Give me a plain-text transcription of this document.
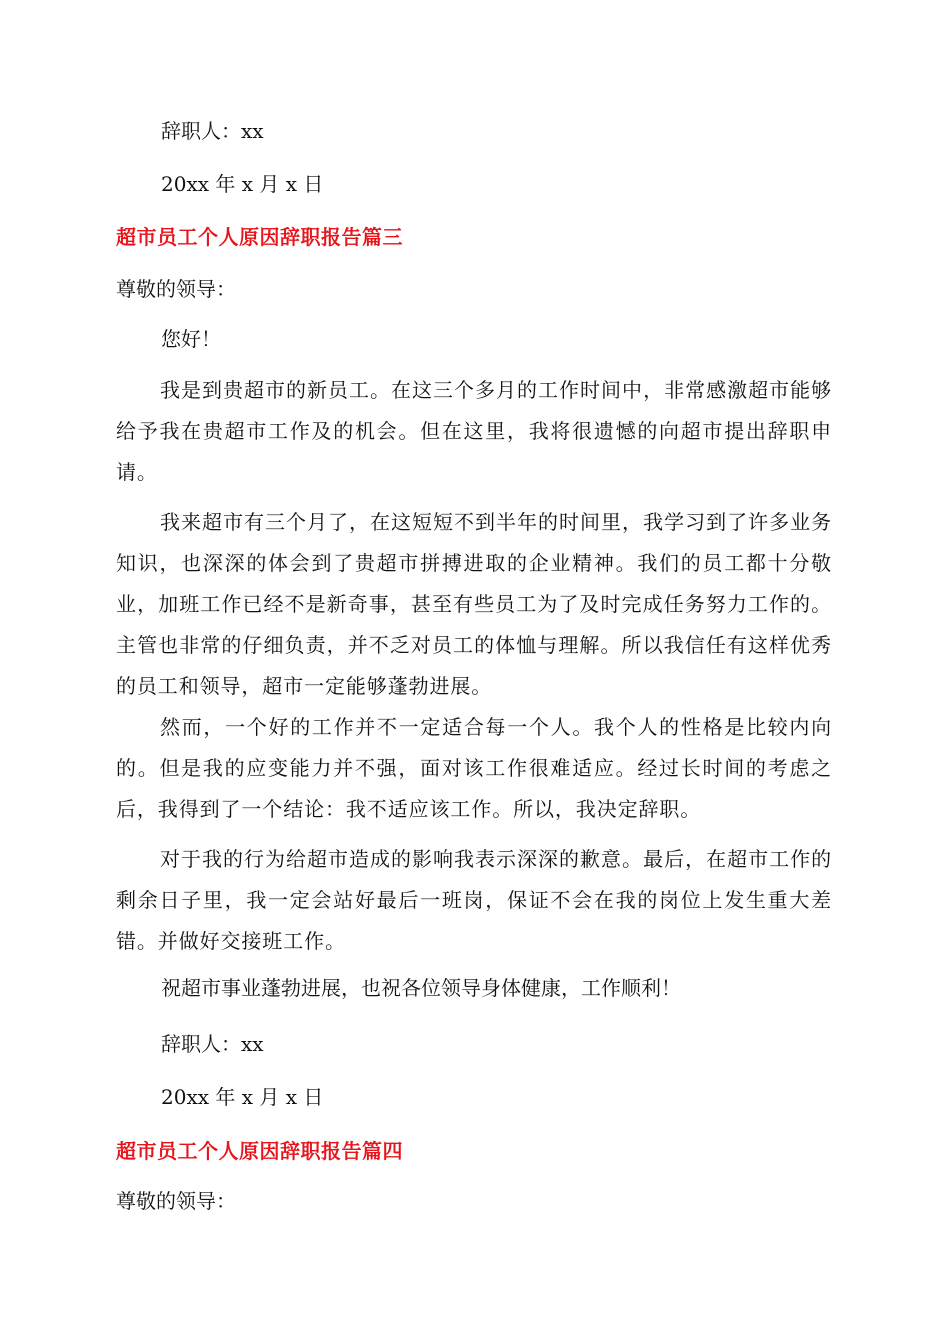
辞职人：xx
20xx 年 x 月 x 日
超市员工个人原因辞职报告篇三
尊敬的领导：
您好！
我是到贵超市的新员工。在这三个多月的工作时间中，非常感激超市能够给予我在贵超市工作及的机会。但在这里，我将很遗憾的向超市提出辞职申请。
我来超市有三个月了，在这短短不到半年的时间里，我学习到了许多业务知识，也深深的体会到了贵超市拼搏进取的企业精神。我们的员工都十分敬业，加班工作已经不是新奇事，甚至有些员工为了及时完成任务努力工作的。主管也非常的仔细负责，并不乏对员工的体恤与理解。所以我信任有这样优秀的员工和领导，超市一定能够蓬勃进展。
然而，一个好的工作并不一定适合每一个人。我个人的性格是比较内向的。但是我的应变能力并不强，面对该工作很难适应。经过长时间的考虑之后，我得到了一个结论：我不适应该工作。所以，我决定辞职。
对于我的行为给超市造成的影响我表示深深的歉意。最后，在超市工作的剩余日子里，我一定会站好最后一班岗，保证不会在我的岗位上发生重大差错。并做好交接班工作。
祝超市事业蓬勃进展，也祝各位领导身体健康，工作顺利！
辞职人：xx
20xx 年 x 月 x 日
超市员工个人原因辞职报告篇四
尊敬的领导：
